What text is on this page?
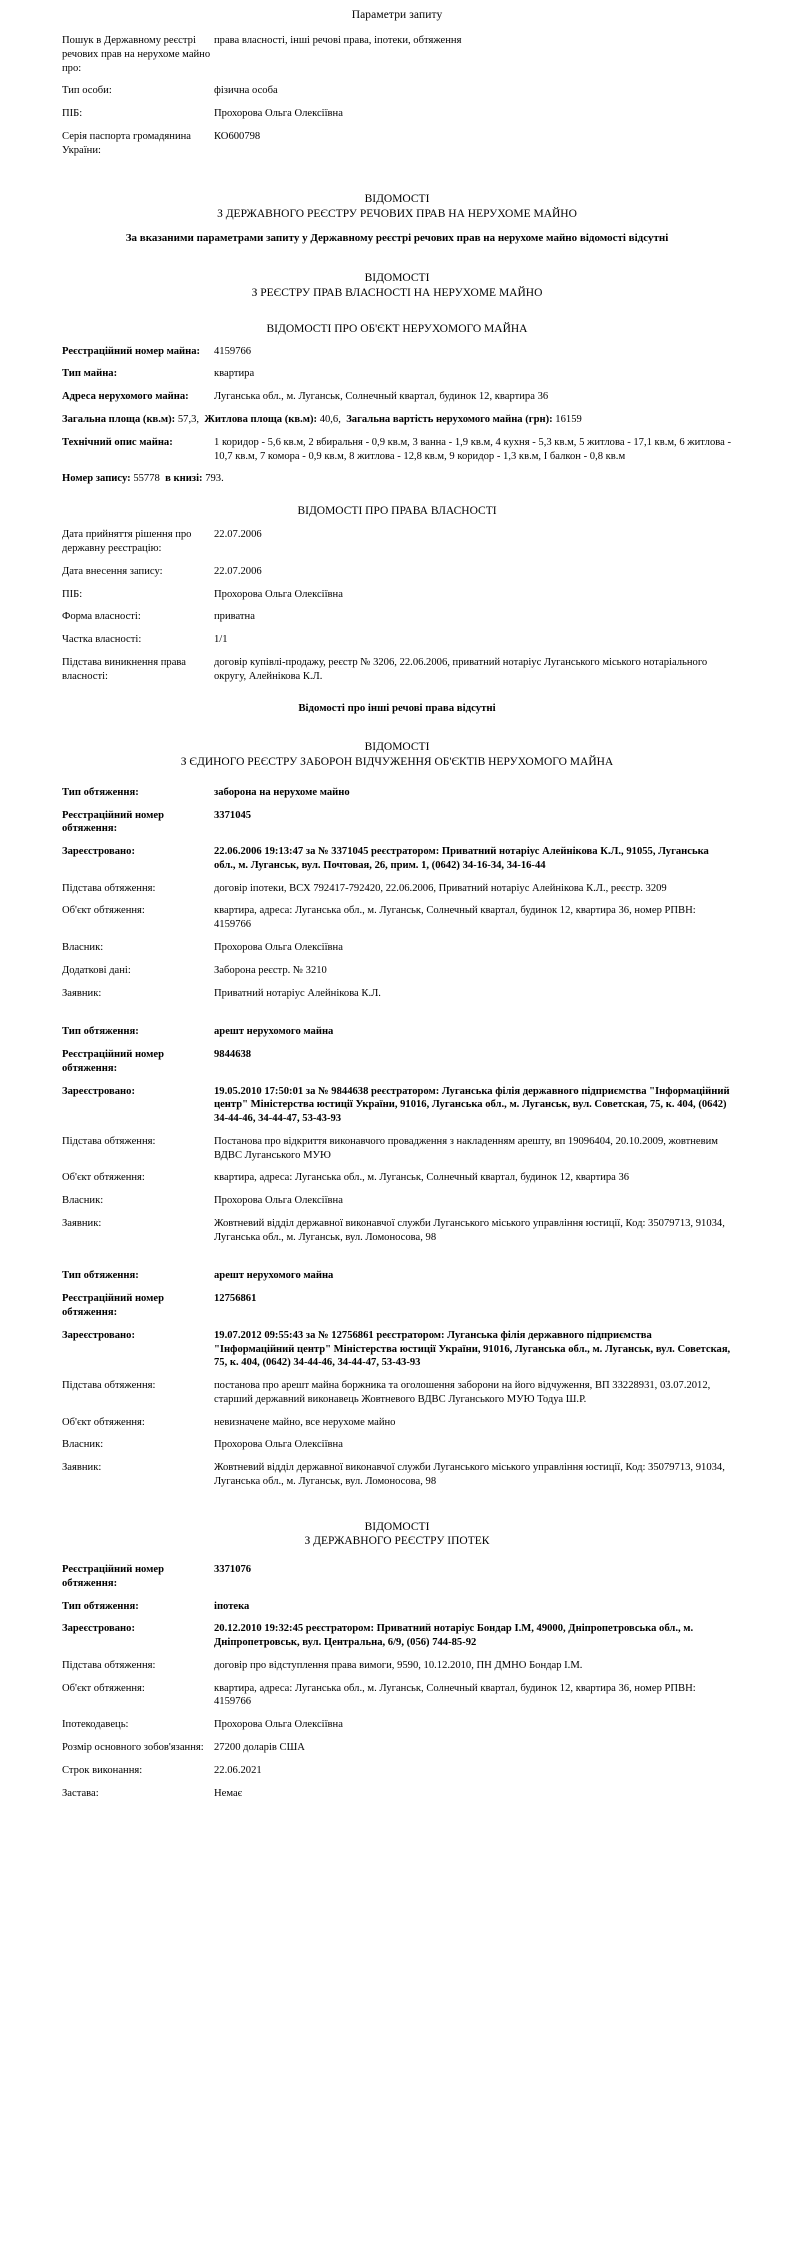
Параметри запиту
Пошук в Державному реєстрі речових прав на нерухоме майно про:	права власності, інші речові права, іпотеки, обтяження
Тип особи:	фізична особа
ПІБ:	Прохорова Ольга Олексіївна
Серія паспорта громадянина України:	КО600798
ВІДОМОСТІ
З ДЕРЖАВНОГО РЕЄСТРУ РЕЧОВИХ ПРАВ НА НЕРУХОМЕ МАЙНО
За вказаними параметрами запиту у Державному реєстрі речових прав на нерухоме майно відомості відсутні
ВІДОМОСТІ
З РЕЄСТРУ ПРАВ ВЛАСНОСТІ НА НЕРУХОМЕ МАЙНО
ВІДОМОСТІ ПРО ОБ'ЄКТ НЕРУХОМОГО МАЙНА
Реєстраційний номер майна:	4159766
Тип майна:	квартира
Адреса нерухомого майна:	Луганська обл., м. Луганськ, Солнечный квартал, будинок 12, квартира 36
Загальна площа (кв.м): 57,3,  Житлова площа (кв.м): 40,6,  Загальна вартість нерухомого майна (грн): 16159
Технічний опис майна:	1 коридор - 5,6 кв.м, 2 вбиральня - 0,9 кв.м, 3 ванна - 1,9 кв.м, 4 кухня - 5,3 кв.м, 5 житлова - 17,1 кв.м, 6 житлова - 10,7 кв.м, 7 комора - 0,9 кв.м, 8 житлова - 12,8 кв.м, 9 коридор - 1,3 кв.м, І балкон - 0,8 кв.м
Номер запису: 55778 в книзі: 793.
ВІДОМОСТІ ПРО ПРАВА ВЛАСНОСТІ
Дата прийняття рішення про державну реєстрацію:	22.07.2006
Дата внесення запису:	22.07.2006
ПІБ:	Прохорова Ольга Олексіївна
Форма власності:	приватна
Частка власності:	1/1
Підстава виникнення права власності:	договір купівлі-продажу, реєстр № 3206, 22.06.2006, приватний нотаріус Луганського міського нотаріального округу, Алейнікова К.Л.
Відомості про інші речові права відсутні
ВІДОМОСТІ
З ЄДИНОГО РЕЄСТРУ ЗАБОРОН ВІДЧУЖЕННЯ ОБ'ЄКТІВ НЕРУХОМОГО МАЙНА
Тип обтяження:	заборона на нерухоме майно
Реєстраційний номер обтяження:	3371045
Зареєстровано:	22.06.2006 19:13:47 за № 3371045 реєстратором: Приватний нотаріус Алейнікова К.Л., 91055, Луганська обл., м. Луганськ, вул. Почтовая, 26, прим. 1, (0642) 34-16-34, 34-16-44
Підстава обтяження:	договір іпотеки, ВСХ 792417-792420, 22.06.2006, Приватний нотаріус Алейнікова К.Л., реєстр. 3209
Об'єкт обтяження:	квартира, адреса: Луганська обл., м. Луганськ, Солнечный квартал, будинок 12, квартира 36, номер РПВН: 4159766
Власник:	Прохорова Ольга Олексіївна
Додаткові дані:	Заборона реєстр. № 3210
Заявник:	Приватний нотаріус Алейнікова К.Л.
Тип обтяження:	арешт нерухомого майна
Реєстраційний номер обтяження:	9844638
Зареєстровано:	19.05.2010 17:50:01 за № 9844638 реєстратором: Луганська філія державного підприємства "Інформаційний центр" Міністерства юстиції України, 91016, Луганська обл., м. Луганськ, вул. Советская, 75, к. 404, (0642) 34-44-46, 34-44-47, 53-43-93
Підстава обтяження:	Постанова про відкриття виконавчого провадження з накладенням арешту, вп 19096404, 20.10.2009, жовтневим ВДВС Луганського МУЮ
Об'єкт обтяження:	квартира, адреса: Луганська обл., м. Луганськ, Солнечный квартал, будинок 12, квартира 36
Власник:	Прохорова Ольга Олексіївна
Заявник:	Жовтневий відділ державної виконавчої служби Луганського міського управління юстиції, Код: 35079713, 91034, Луганська обл., м. Луганськ, вул. Ломоносова, 98
Тип обтяження:	арешт нерухомого майна
Реєстраційний номер обтяження:	12756861
Зареєстровано:	19.07.2012 09:55:43 за № 12756861 реєстратором: Луганська філія державного підприємства "Інформаційний центр" Міністерства юстиції України, 91016, Луганська обл., м. Луганськ, вул. Советская, 75, к. 404, (0642) 34-44-46, 34-44-47, 53-43-93
Підстава обтяження:	постанова про арешт майна боржника та оголошення заборони на його відчуження, ВП 33228931, 03.07.2012, старший державний виконавець Жовтневого ВДВС Луганського МУЮ Тодуа Ш.Р.
Об'єкт обтяження:	невизначене майно, все нерухоме майно
Власник:	Прохорова Ольга Олексіївна
Заявник:	Жовтневий відділ державної виконавчої служби Луганського міського управління юстиції, Код: 35079713, 91034, Луганська обл., м. Луганськ, вул. Ломоносова, 98
ВІДОМОСТІ
З ДЕРЖАВНОГО РЕЄСТРУ ІПОТЕК
Реєстраційний номер обтяження:	3371076
Тип обтяження:	іпотека
Зареєстровано:	20.12.2010 19:32:45 реєстратором: Приватний нотаріус Бондар І.М, 49000, Дніпропетровська обл., м. Дніпропетровськ, вул. Центральна, 6/9, (056) 744-85-92
Підстава обтяження:	договір про відступлення права вимоги, 9590, 10.12.2010, ПН ДМНО Бондар І.М.
Об'єкт обтяження:	квартира, адреса: Луганська обл., м. Луганськ, Солнечный квартал, будинок 12, квартира 36, номер РПВН: 4159766
Іпотекодавець:	Прохорова Ольга Олексіївна
Розмір основного зобов'язання:	27200 доларів США
Строк виконання:	22.06.2021
Застава:	Немає
